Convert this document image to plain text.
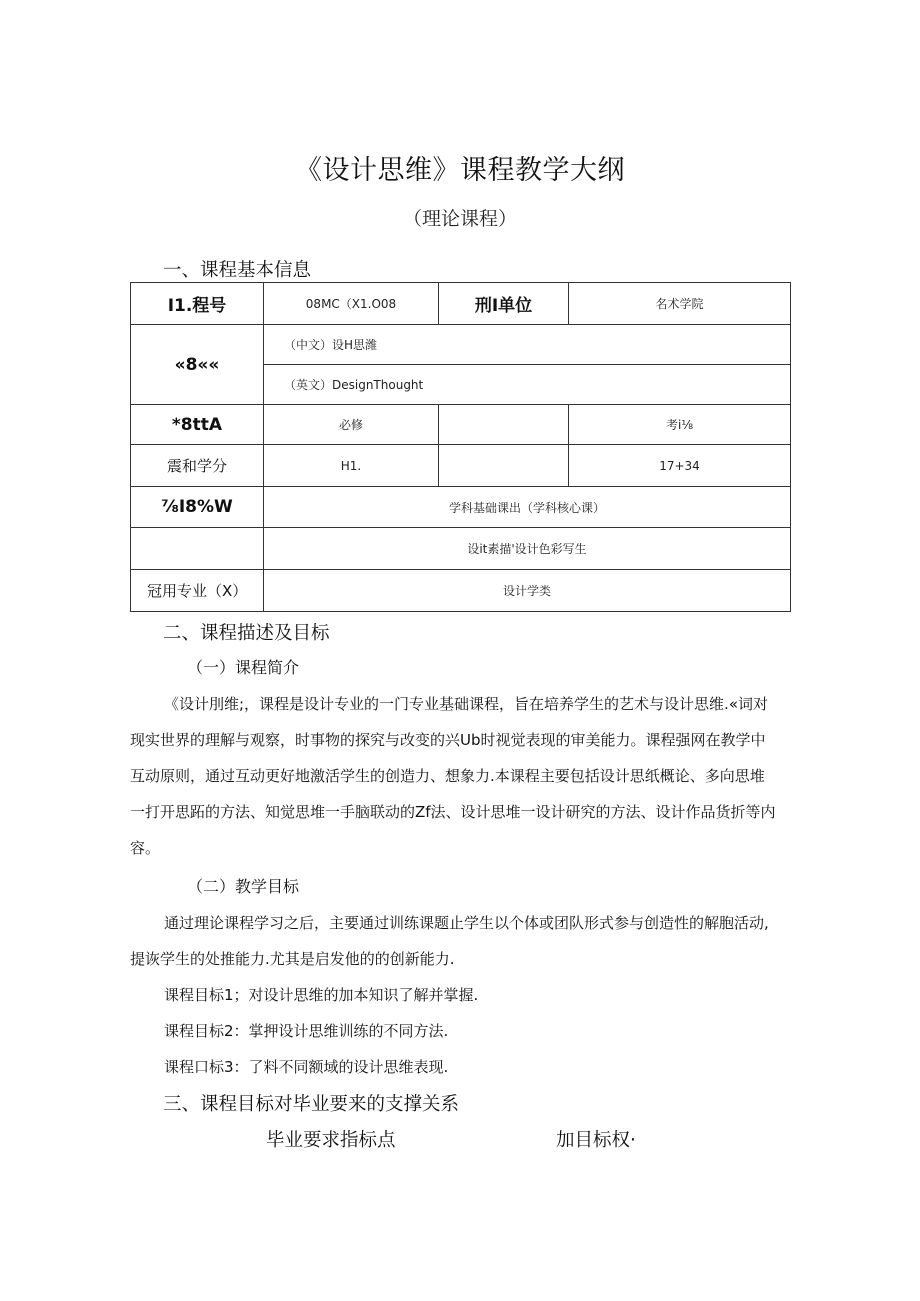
《设计思维》课程教学大纲
（理论课程）
一、课程基本信息
I1.程号	08MC（X1.O08	刑I单位	名术学院
«8««	（中文）设H思潍		
	（英文）DesignThought		
*8ttA	必修		考i⅛
震和学分	H1.		17+34
⅞I8%W	学科基础课出（学科核心课）		
	设it素描'设计色彩写生		
冠用专业（X）	设计学类		
二、课程描述及目标
（一）课程简介
《设计刖维;，课程是设计专业的一门专业基础课程，旨在培养学生的艺术与设计思维.«词对
现实世界的理解与观察，时事物的探究与改变的兴Ub时视觉表现的审美能力。课程强网在教学中
互动原则，通过互动更好地激活学生的创造力、想象力.本课程主要包括设计思纸概论、多向思堆
一打开思跖的方法、知觉思堆一手脑联动的Zf法、设计思堆一设计研究的方法、设计作品货折等内
容。
（二）教学目标
通过理论课程学习之后，主要通过训练课题止学生以个体或团队形式参与创造性的解胞活动,
提诙学生的处推能力.尤其是启发他的的创新能力.
课程目标1；对设计思维的加本知识了解并掌握.
课程目标2：掌押设计思维训练的不同方法.
课程口标3：了料不同额域的设计思维表现.
三、课程目标对毕业要来的支撑关系
毕业要求指标点	加目标权·
